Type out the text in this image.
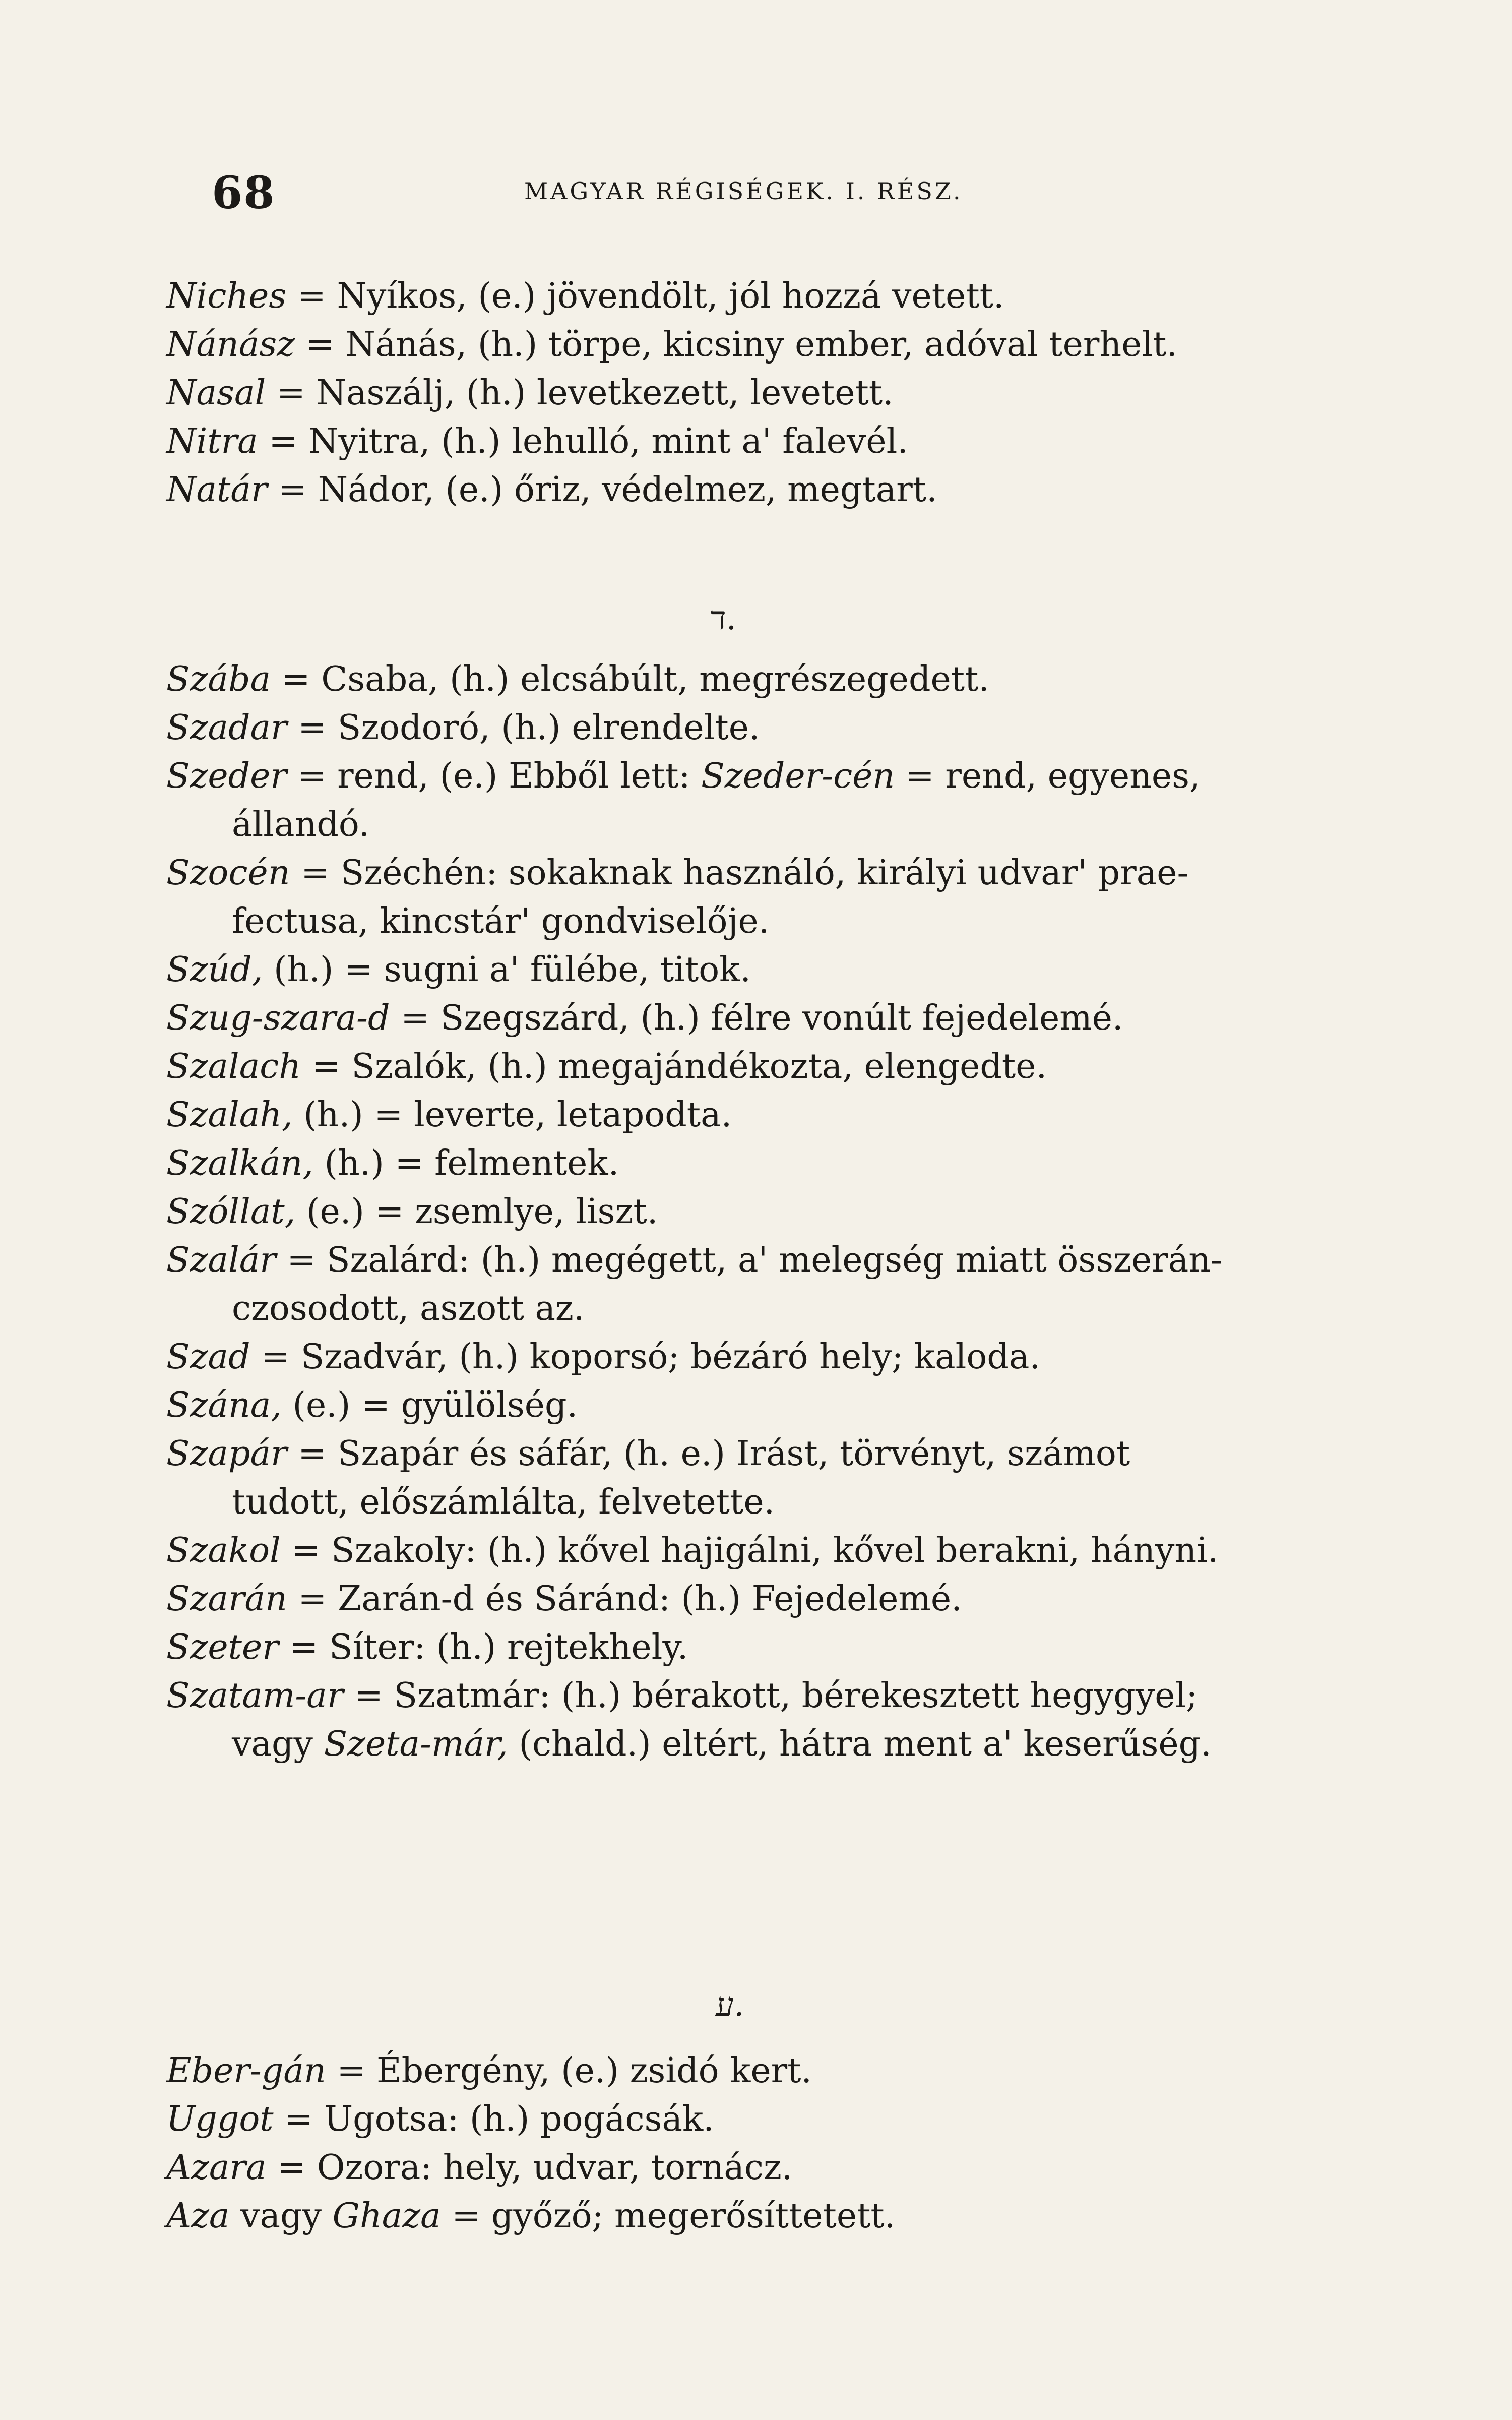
68	MAGYAR RÉGISÉGEK. I. RÉSZ.
Niches = Nyíkos, (e.) jövendölt, jól hozzá vetett.
Nánász = Nánás, (h.) törpe, kicsiny ember, adóval terhelt.
Nasal = Naszálj, (h.) levetkezett, levetett.
Nitra = Nyitra, (h.) lehulló, mint a' falevél.
Natár = Nádor, (e.) őriz, védelmez, megtart.
ד.
Szába = Csaba, (h.) elcsábúlt, megrészegedett.
Szadar = Szodoró, (h.) elrendelte.
Szeder = rend, (e.) Ebből lett: Szeder-cén = rend, egyenes,
állandó.
Szocén = Széchén: sokaknak használó, királyi udvar' prae-
fectusa, kincstár' gondviselője.
Szúd, (h.) = sugni a' fülébe, titok.
Szug-szara-d = Szegszárd, (h.) félre vonúlt fejedelemé.
Szalach = Szalók, (h.) megajándékozta, elengedte.
Szalah, (h.) = leverte, letapodta.
Szalkán, (h.) = felmentek.
Szóllat, (e.) = zsemlye, liszt.
Szalár = Szalárd: (h.) megégett, a' melegség miatt összerán-
czosodott, aszott az.
Szad = Szadvár, (h.) koporsó; bézáró hely; kaloda.
Szána, (e.) = gyülölség.
Szapár = Szapár és sáfár, (h. e.) Irást, törvényt, számot
tudott, előszámlálta, felvetette.
Szakol = Szakoly: (h.) kővel hajigálni, kővel berakni, hányni.
Szarán = Zarán-d és Sáránd: (h.) Fejedelemé.
Szeter = Síter: (h.) rejtekhely.
Szatam-ar = Szatmár: (h.) bérakott, bérekesztett hegygyel;
vagy Szeta-már, (chald.) eltért, hátra ment a' keserűség.
ע.
Eber-gán = Ébergény, (e.) zsidó kert.
Uggot = Ugotsa: (h.) pogácsák.
Azara = Ozora: hely, udvar, tornácz.
Aza vagy Ghaza = győző; megerősíttetett.
